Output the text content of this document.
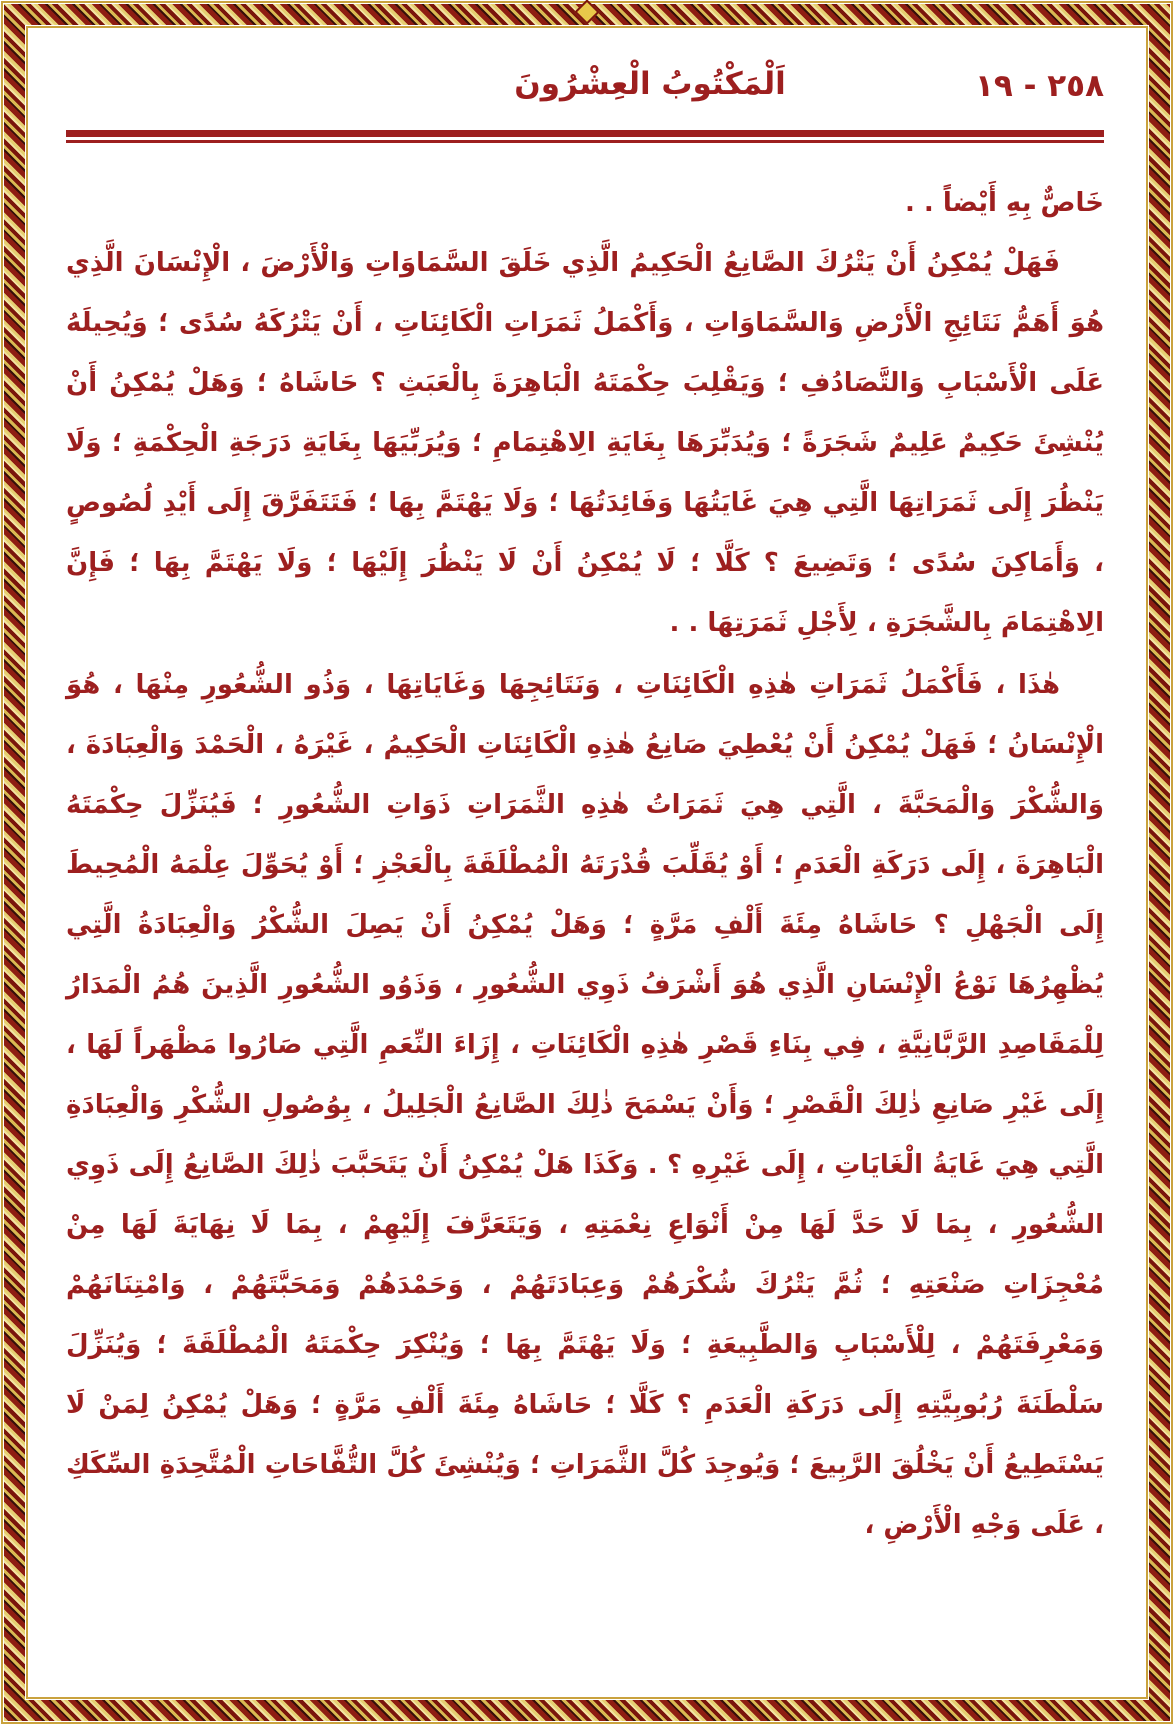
٢٥٨ - ١٩
اَلْمَكْتُوبُ الْعِشْرُونَ

خَاصٌّ بِهِ أَيْضاً . .

فَهَلْ يُمْكِنُ أَنْ يَتْرُكَ الصَّانِعُ الْحَكِيمُ الَّذِي خَلَقَ السَّمَاوَاتِ وَالْأَرْضَ ، الْإِنْسَانَ الَّذِي هُوَ أَهَمُّ نَتَائِجِ الْأَرْضِ وَالسَّمَاوَاتِ ، وَأَكْمَلُ ثَمَرَاتِ الْكَائِنَاتِ ، أَنْ يَتْرُكَهُ سُدًى ؛ وَيُحِيلَهُ عَلَى الْأَسْبَابِ وَالتَّصَادُفِ ؛ وَيَقْلِبَ حِكْمَتَهُ الْبَاهِرَةَ بِالْعَبَثِ ؟ حَاشَاهُ ؛ وَهَلْ يُمْكِنُ أَنْ يُنْشِئَ حَكِيمٌ عَلِيمٌ شَجَرَةً ؛ وَيُدَبِّرَهَا بِغَايَةِ الِاهْتِمَامِ ؛ وَيُرَبِّيَهَا بِغَايَةِ دَرَجَةِ الْحِكْمَةِ ؛ وَلَا يَنْظُرَ إِلَى ثَمَرَاتِهَا الَّتِي هِيَ غَايَتُهَا وَفَائِدَتُهَا ؛ وَلَا يَهْتَمَّ بِهَا ؛ فَتَتَفَرَّقَ إِلَى أَيْدِ لُصُوصٍ ، وَأَمَاكِنَ سُدًى ؛ وَتَضِيعَ ؟ كَلَّا ؛ لَا يُمْكِنُ أَنْ لَا يَنْظُرَ إِلَيْهَا ؛ وَلَا يَهْتَمَّ بِهَا ؛ فَإِنَّ الِاهْتِمَامَ بِالشَّجَرَةِ ، لِأَجْلِ ثَمَرَتِهَا . .

هٰذَا ، فَأَكْمَلُ ثَمَرَاتِ هٰذِهِ الْكَائِنَاتِ ، وَنَتَائِجِهَا وَغَايَاتِهَا ، وَذُو الشُّعُورِ مِنْهَا ، هُوَ الْإِنْسَانُ ؛ فَهَلْ يُمْكِنُ أَنْ يُعْطِيَ صَانِعُ هٰذِهِ الْكَائِنَاتِ الْحَكِيمُ ، غَيْرَهُ ، الْحَمْدَ وَالْعِبَادَةَ ، وَالشُّكْرَ وَالْمَحَبَّةَ ، الَّتِي هِيَ ثَمَرَاتُ هٰذِهِ الثَّمَرَاتِ ذَوَاتِ الشُّعُورِ ؛ فَيُنَزِّلَ حِكْمَتَهُ الْبَاهِرَةَ ، إِلَى دَرَكَةِ الْعَدَمِ ؛ أَوْ يُقَلِّبَ قُدْرَتَهُ الْمُطْلَقَةَ بِالْعَجْزِ ؛ أَوْ يُحَوِّلَ عِلْمَهُ الْمُحِيطَ إِلَى الْجَهْلِ ؟ حَاشَاهُ مِئَةَ أَلْفِ مَرَّةٍ ؛ وَهَلْ يُمْكِنُ أَنْ يَصِلَ الشُّكْرُ وَالْعِبَادَةُ الَّتِي يُظْهِرُهَا نَوْعُ الْإِنْسَانِ الَّذِي هُوَ أَشْرَفُ ذَوِي الشُّعُورِ ، وَذَوُو الشُّعُورِ الَّذِينَ هُمُ الْمَدَارُ لِلْمَقَاصِدِ الرَّبَّانِيَّةِ ، فِي بِنَاءِ قَصْرِ هٰذِهِ الْكَائِنَاتِ ، إِزَاءَ النِّعَمِ الَّتِي صَارُوا مَظْهَراً لَهَا ، إِلَى غَيْرِ صَانِعِ ذٰلِكَ الْقَصْرِ ؛ وَأَنْ يَسْمَحَ ذٰلِكَ الصَّانِعُ الْجَلِيلُ ، بِوُصُولِ الشُّكْرِ وَالْعِبَادَةِ الَّتِي هِيَ غَايَةُ الْغَايَاتِ ، إِلَى غَيْرِهِ ؟ . وَكَذَا هَلْ يُمْكِنُ أَنْ يَتَحَبَّبَ ذٰلِكَ الصَّانِعُ إِلَى ذَوِي الشُّعُورِ ، بِمَا لَا حَدَّ لَهَا مِنْ أَنْوَاعِ نِعْمَتِهِ ، وَيَتَعَرَّفَ إِلَيْهِمْ ، بِمَا لَا نِهَايَةَ لَهَا مِنْ مُعْجِزَاتِ صَنْعَتِهِ ؛ ثُمَّ يَتْرُكَ شُكْرَهُمْ وَعِبَادَتَهُمْ ، وَحَمْدَهُمْ وَمَحَبَّتَهُمْ ، وَامْتِنَانَهُمْ وَمَعْرِفَتَهُمْ ، لِلْأَسْبَابِ وَالطَّبِيعَةِ ؛ وَلَا يَهْتَمَّ بِهَا ؛ وَيُنْكِرَ حِكْمَتَهُ الْمُطْلَقَةَ ؛ وَيُنَزِّلَ سَلْطَنَةَ رُبُوبِيَّتِهِ إِلَى دَرَكَةِ الْعَدَمِ ؟ كَلَّا ؛ حَاشَاهُ مِئَةَ أَلْفِ مَرَّةٍ ؛ وَهَلْ يُمْكِنُ لِمَنْ لَا يَسْتَطِيعُ أَنْ يَخْلُقَ الرَّبِيعَ ؛ وَيُوجِدَ كُلَّ الثَّمَرَاتِ ؛ وَيُنْشِئَ كُلَّ التُّفَّاحَاتِ الْمُتَّحِدَةِ السِّكَكِ ، عَلَى وَجْهِ الْأَرْضِ ،
